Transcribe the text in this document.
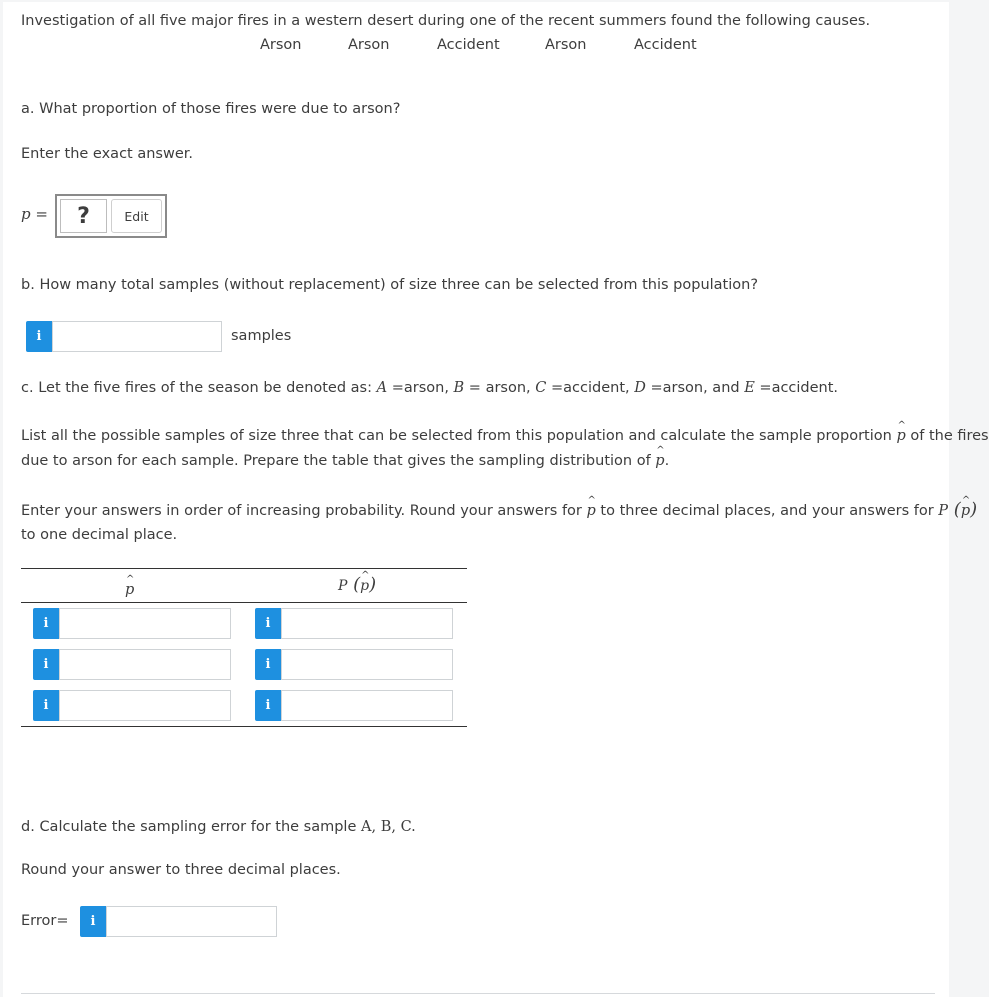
Investigation of all five major fires in a western desert during one of the recent summers found the following causes.
Arson	Arson	Accident	Arson	Accident
a. What proportion of those fires were due to arson?
Enter the exact answer.
p =	?	Edit
b. How many total samples (without replacement) of size three can be selected from this population?
i	samples
c. Let the five fires of the season be denoted as: A =arson, B = arson, C =accident, D =arson, and E =accident.
List all the possible samples of size three that can be selected from this population and calculate the sample proportion
^
p of the fires
due to arson for each sample. Prepare the table that gives the sampling distribution of
^
p.
Enter your answers in order of increasing probability. Round your answers for
^
p to three decimal places, and your answers for P ( ^
p)
to one decimal place.
^
p	P ( ^
p)
i	i
i	i
i	i
d. Calculate the sampling error for the sample A, B, C.
Round your answer to three decimal places.
Error=	i
